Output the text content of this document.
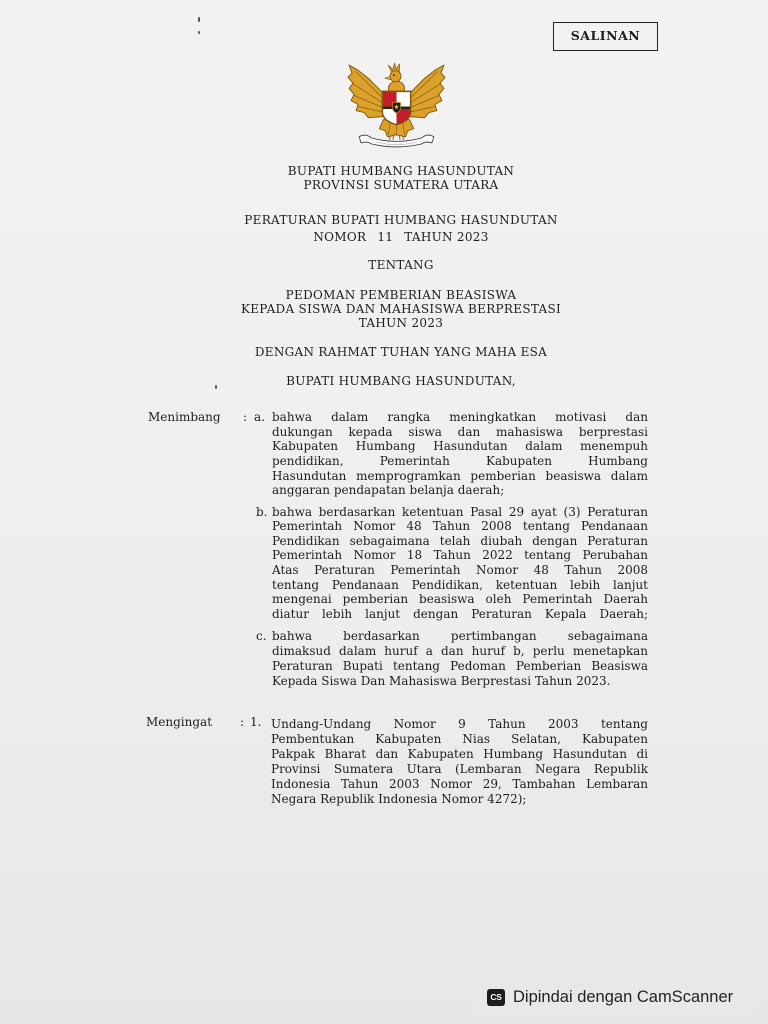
SALINAN
BUPATI HUMBANG HASUNDUTAN
PROVINSI SUMATERA UTARA
PERATURAN BUPATI HUMBANG HASUNDUTAN
NOMOR 11 TAHUN 2023
TENTANG
PEDOMAN PEMBERIAN BEASISWA
KEPADA SISWA DAN MAHASISWA BERPRESTASI
TAHUN 2023
DENGAN RAHMAT TUHAN YANG MAHA ESA
BUPATI HUMBANG HASUNDUTAN,
Menimbang : a. bahwa dalam rangka meningkatkan motivasi dan
dukungan kepada siswa dan mahasiswa berprestasi
Kabupaten Humbang Hasundutan dalam menempuh
pendidikan, Pemerintah Kabupaten Humbang
Hasundutan memprogramkan pemberian beasiswa dalam
anggaran pendapatan belanja daerah;
b. bahwa berdasarkan ketentuan Pasal 29 ayat (3) Peraturan
Pemerintah Nomor 48 Tahun 2008 tentang Pendanaan
Pendidikan sebagaimana telah diubah dengan Peraturan
Pemerintah Nomor 18 Tahun 2022 tentang Perubahan
Atas Peraturan Pemerintah Nomor 48 Tahun 2008
tentang Pendanaan Pendidikan, ketentuan lebih lanjut
mengenai pemberian beasiswa oleh Pemerintah Daerah
diatur lebih lanjut dengan Peraturan Kepala Daerah;
c. bahwa berdasarkan pertimbangan sebagaimana
dimaksud dalam huruf a dan huruf b, perlu menetapkan
Peraturan Bupati tentang Pedoman Pemberian Beasiswa
Kepada Siswa Dan Mahasiswa Berprestasi Tahun 2023.
Mengingat : 1. Undang-Undang Nomor 9 Tahun 2003 tentang
Pembentukan Kabupaten Nias Selatan, Kabupaten
Pakpak Bharat dan Kabupaten Humbang Hasundutan di
Provinsi Sumatera Utara (Lembaran Negara Republik
Indonesia Tahun 2003 Nomor 29, Tambahan Lembaran
Negara Republik Indonesia Nomor 4272);
CS Dipindai dengan CamScanner
